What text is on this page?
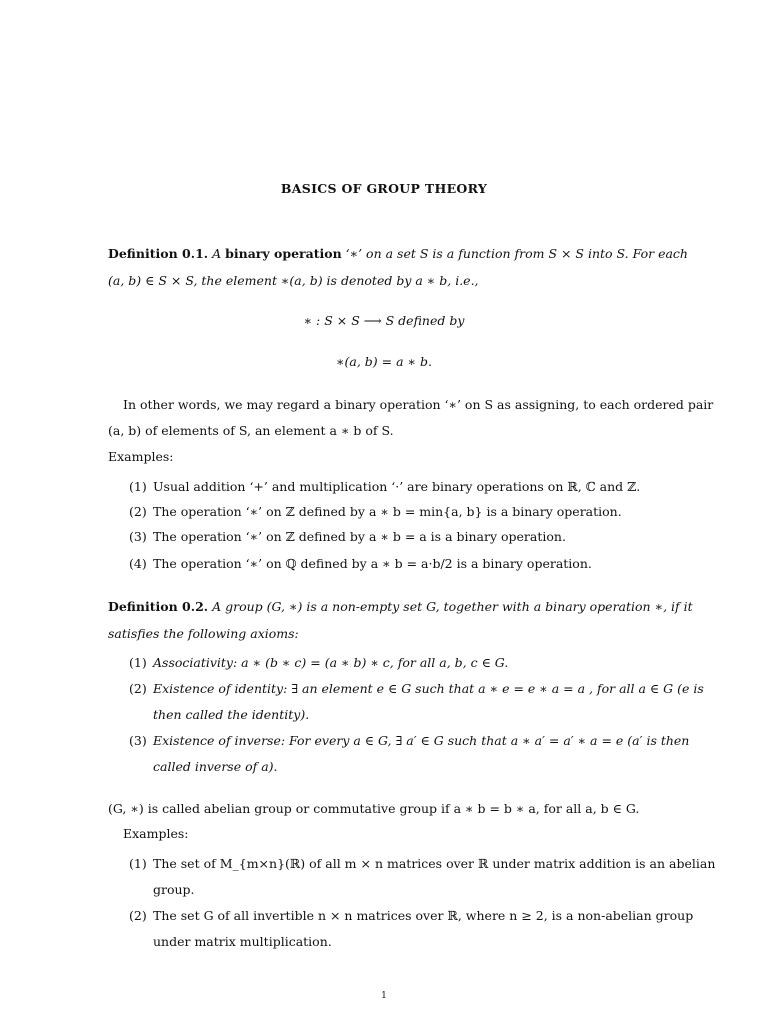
BASICS OF GROUP THEORY
Definition 0.1. A binary operation ‘∗’ on a set S is a function from S × S into S. For each
(a, b) ∈ S × S, the element ∗(a, b) is denoted by a ∗ b, i.e.,
∗ : S × S ⟶ S defined by
∗(a, b) = a ∗ b.
In other words, we may regard a binary operation ‘∗’ on S as assigning, to each ordered pair
(a, b) of elements of S, an element a ∗ b of S.
Examples:
(1) Usual addition ‘+’ and multiplication ‘·’ are binary operations on ℝ, ℂ and ℤ.
(2) The operation ‘∗’ on ℤ defined by a ∗ b = min{a, b} is a binary operation.
(3) The operation ‘∗’ on ℤ defined by a ∗ b = a is a binary operation.
(4) The operation ‘∗’ on ℚ defined by a ∗ b = a·b/2 is a binary operation.
Definition 0.2. A group (G, ∗) is a non-empty set G, together with a binary operation ∗, if it
satisfies the following axioms:
(1) Associativity: a ∗ (b ∗ c) = (a ∗ b) ∗ c, for all a, b, c ∈ G.
(2) Existence of identity: ∃ an element e ∈ G such that a ∗ e = e ∗ a = a , for all a ∈ G (e is
then called the identity).
(3) Existence of inverse: For every a ∈ G, ∃ a′ ∈ G such that a ∗ a′ = a′ ∗ a = e (a′ is then
called inverse of a).
(G, ∗) is called abelian group or commutative group if a ∗ b = b ∗ a, for all a, b ∈ G.
Examples:
(1) The set of M_{m×n}(ℝ) of all m × n matrices over ℝ under matrix addition is an abelian
group.
(2) The set G of all invertible n × n matrices over ℝ, where n ≥ 2, is a non-abelian group
under matrix multiplication.
1
